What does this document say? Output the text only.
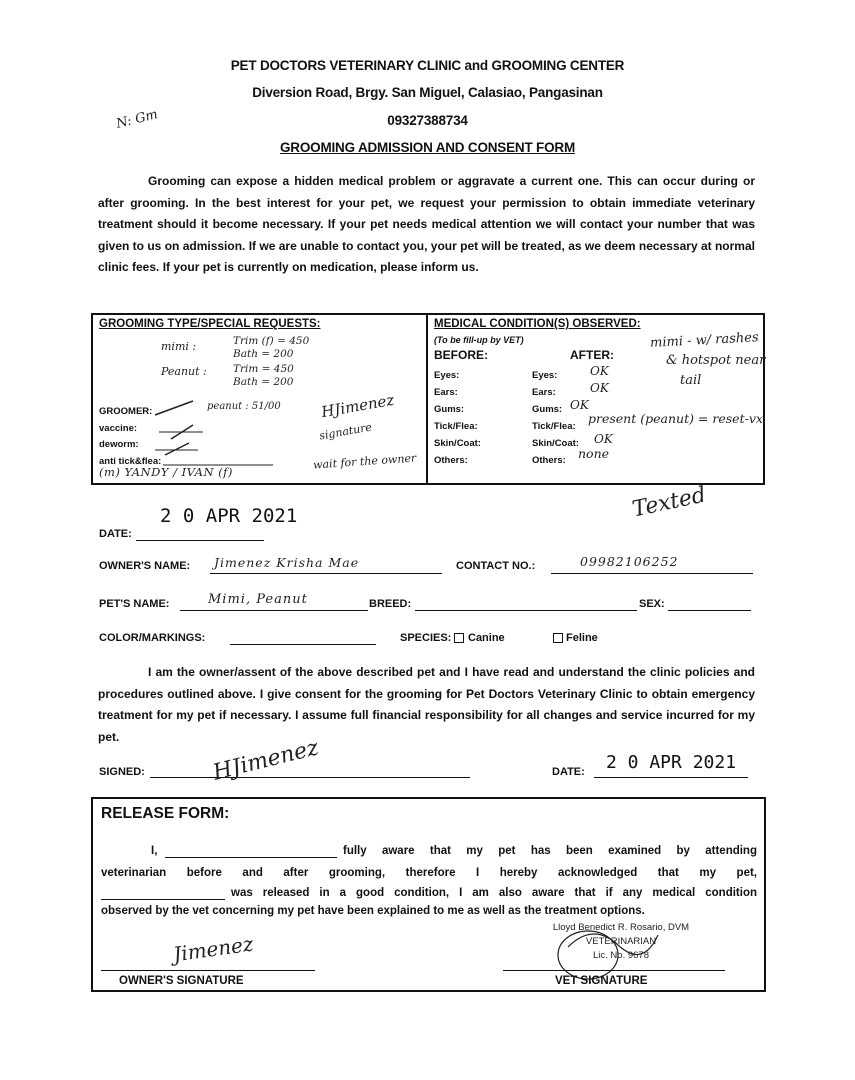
PET DOCTORS VETERINARY CLINIC and GROOMING CENTER
Diversion Road, Brgy. San Miguel, Calasiao, Pangasinan
09327388734
GROOMING ADMISSION AND CONSENT FORM
N: Gm
Grooming can expose a hidden medical problem or aggravate a current one. This can occur during or after grooming. In the best interest for your pet, we request your permission to obtain immediate veterinary treatment should it become necessary. If your pet needs medical attention we will contact your number that was given to us on admission. If we are unable to contact you, your pet will be treated, as we deem necessary at normal clinic fees. If your pet is currently on medication, please inform us.
GROOMING TYPE/SPECIAL REQUESTS:
mimi :	Trim (f) = 450
Bath = 200
Peanut : Trim = 450
Bath = 200
GROOMER:	peanut : 51/00	HJimenez
signature
vaccine:
deworm:
anti tick&flea:
(m) YANDY / IVAN (f)
wait for the owner
MEDICAL CONDITION(S) OBSERVED:
(To be fill-up by VET)
BEFORE:	AFTER:
Eyes:	Eyes:	OK
Ears:	Ears:	OK
Gums:	Gums: OK
Tick/Flea:	Tick/Flea:
present (peanut) = reset-vx
Skin/Coat:	Skin/Coat: OK
Others:	Others: none
mimi - w/ rashes
& hotspot near
tail
Texted
DATE:
2 0 APR 2021
OWNER'S NAME: Jimenez Krisha Mae	CONTACT NO.:	09982106252
PET'S NAME:	Mimi, Peanut	BREED:	SEX:
COLOR/MARKINGS:	SPECIES: Canine	Feline
I am the owner/assent of the above described pet and I have read and understand the clinic policies and procedures outlined above. I give consent for the grooming for Pet Doctors Veterinary Clinic to obtain emergency treatment for my pet if necessary. I assume full financial responsibility for all changes and service incurred for my pet.
SIGNED:	HJimenez	DATE: 2 0 APR 2021
RELEASE FORM:
I,	fully aware that my pet has been examined by attending
veterinarian before and after grooming, therefore I hereby acknowledged that my pet,
was released in a good condition, I am also aware that if any medical condition
observed by the vet concerning my pet have been explained to me as well as the treatment options.
Jimenez
OWNER'S SIGNATURE
Lloyd Benedict R. Rosario, DVM
VETERINARIAN
Lic. No. 9678
VET SIGNATURE
